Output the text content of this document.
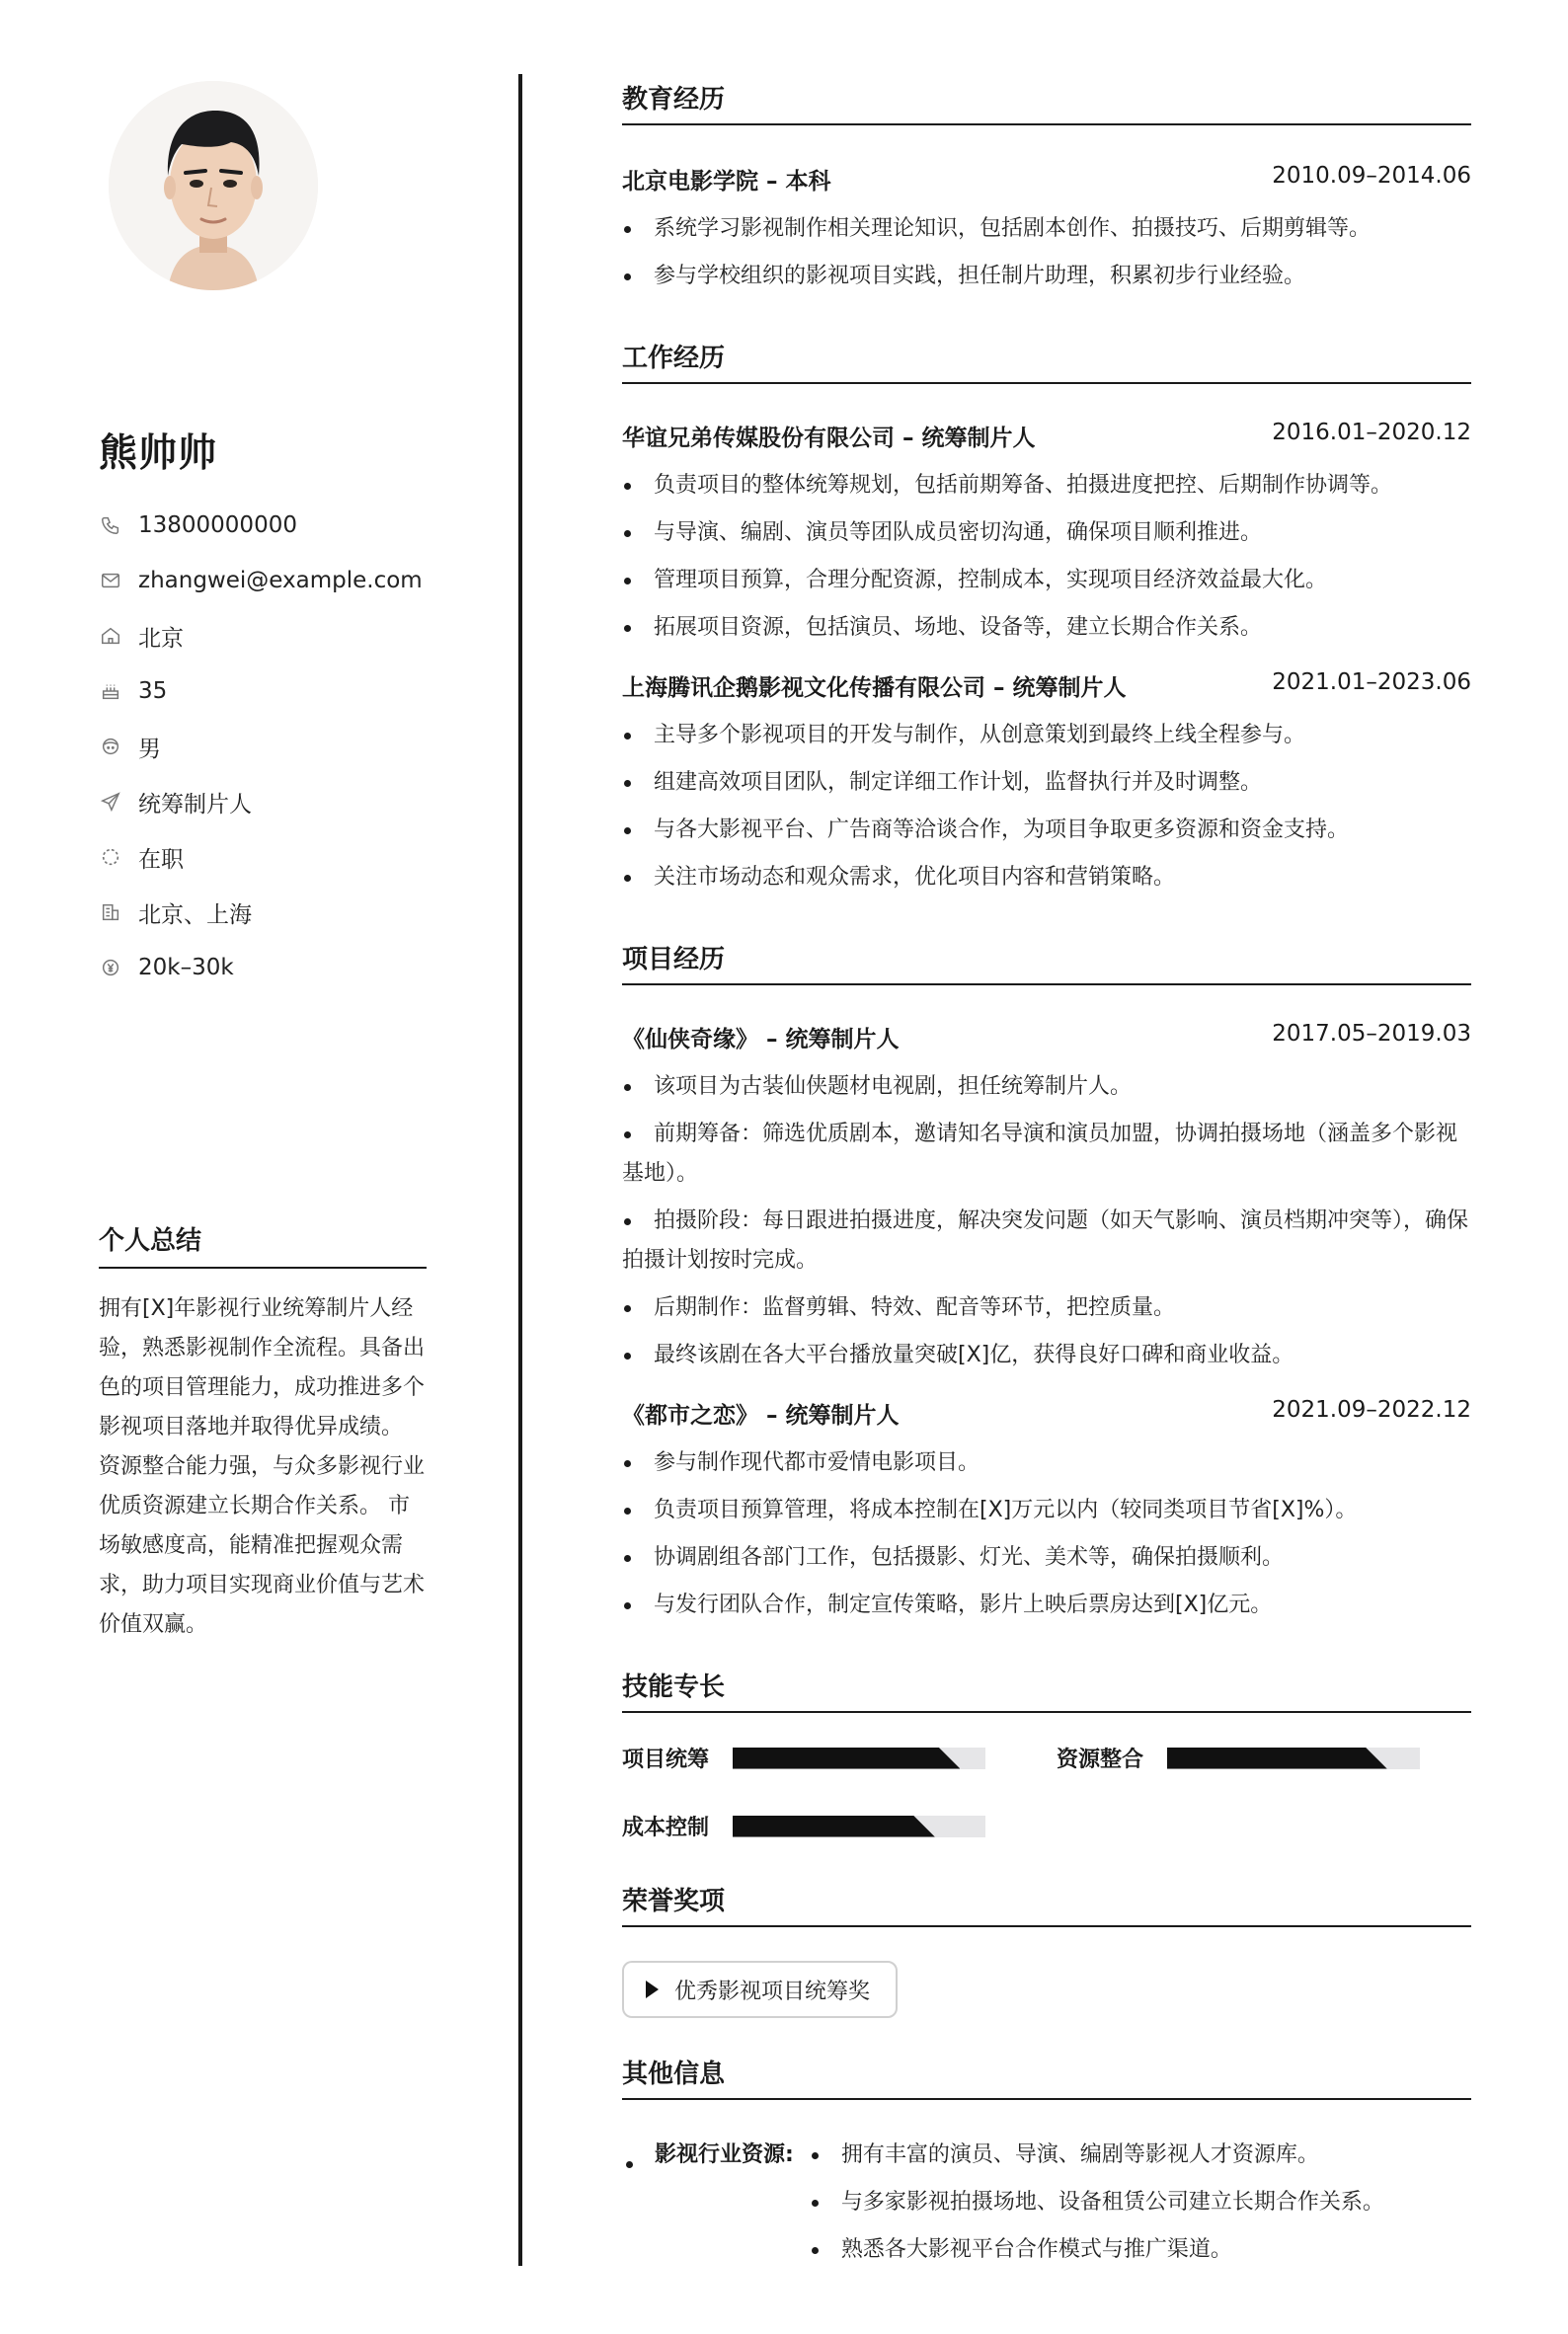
熊帅帅
13800000000
zhangwei@example.com
北京
35
男
统筹制片人
在职
北京、上海
20k–30k
个人总结
拥有[X]年影视行业统筹制片人经验，熟悉影视制作全流程。具备出色的项目管理能力，成功推进多个影视项目落地并取得优异成绩。 资源整合能力强，与众多影视行业优质资源建立长期合作关系。 市场敏感度高，能精准把握观众需求，助力项目实现商业价值与艺术价值双赢。
教育经历
北京电影学院 – 本科	2010.09–2014.06
系统学习影视制作相关理论知识，包括剧本创作、拍摄技巧、后期剪辑等。
参与学校组织的影视项目实践，担任制片助理，积累初步行业经验。
工作经历
华谊兄弟传媒股份有限公司 – 统筹制片人	2016.01–2020.12
负责项目的整体统筹规划，包括前期筹备、拍摄进度把控、后期制作协调等。
与导演、编剧、演员等团队成员密切沟通，确保项目顺利推进。
管理项目预算，合理分配资源，控制成本，实现项目经济效益最大化。
拓展项目资源，包括演员、场地、设备等，建立长期合作关系。
上海腾讯企鹅影视文化传播有限公司 – 统筹制片人	2021.01–2023.06
主导多个影视项目的开发与制作，从创意策划到最终上线全程参与。
组建高效项目团队，制定详细工作计划，监督执行并及时调整。
与各大影视平台、广告商等洽谈合作，为项目争取更多资源和资金支持。
关注市场动态和观众需求，优化项目内容和营销策略。
项目经历
《仙侠奇缘》 – 统筹制片人	2017.05–2019.03
该项目为古装仙侠题材电视剧，担任统筹制片人。
前期筹备：筛选优质剧本，邀请知名导演和演员加盟，协调拍摄场地（涵盖多个影视基地）。
拍摄阶段：每日跟进拍摄进度，解决突发问题（如天气影响、演员档期冲突等），确保拍摄计划按时完成。
后期制作：监督剪辑、特效、配音等环节，把控质量。
最终该剧在各大平台播放量突破[X]亿，获得良好口碑和商业收益。
《都市之恋》 – 统筹制片人	2021.09–2022.12
参与制作现代都市爱情电影项目。
负责项目预算管理，将成本控制在[X]万元以内（较同类项目节省[X]%）。
协调剧组各部门工作，包括摄影、灯光、美术等，确保拍摄顺利。
与发行团队合作，制定宣传策略，影片上映后票房达到[X]亿元。
技能专长
项目统筹	资源整合
成本控制
荣誉奖项
优秀影视项目统筹奖
其他信息
影视行业资源:	拥有丰富的演员、导演、编剧等影视人才资源库。
与多家影视拍摄场地、设备租赁公司建立长期合作关系。
熟悉各大影视平台合作模式与推广渠道。
